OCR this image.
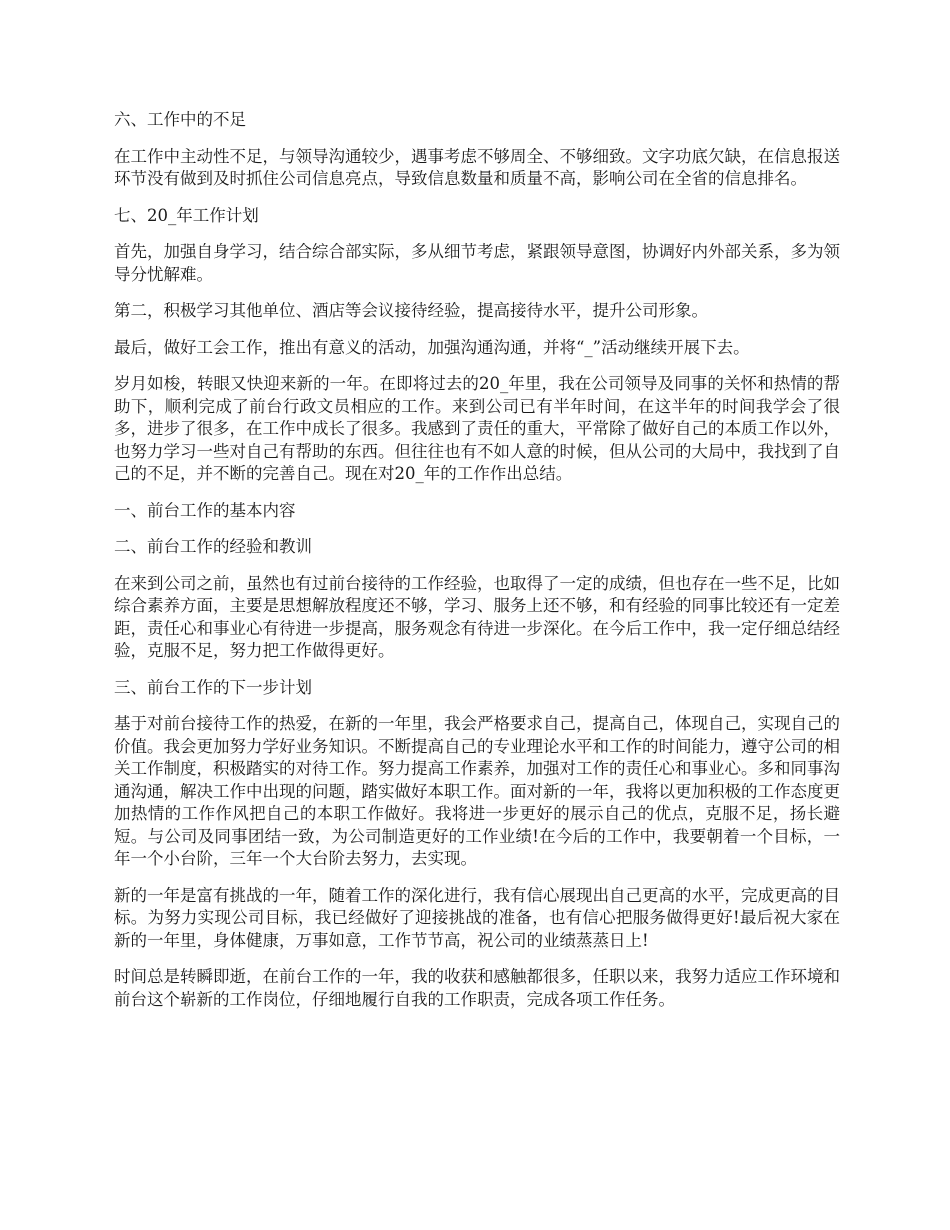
六、工作中的不足
在工作中主动性不足，与领导沟通较少，遇事考虑不够周全、不够细致。文字功底欠缺，在信息报送环节没有做到及时抓住公司信息亮点，导致信息数量和质量不高，影响公司在全省的信息排名。
七、20_年工作计划
首先，加强自身学习，结合综合部实际，多从细节考虑，紧跟领导意图，协调好内外部关系，多为领导分忧解难。
第二，积极学习其他单位、酒店等会议接待经验，提高接待水平，提升公司形象。
最后，做好工会工作，推出有意义的活动，加强沟通沟通，并将“_”活动继续开展下去。
岁月如梭，转眼又快迎来新的一年。在即将过去的20_年里，我在公司领导及同事的关怀和热情的帮助下，顺利完成了前台行政文员相应的工作。来到公司已有半年时间，在这半年的时间我学会了很多，进步了很多，在工作中成长了很多。我感到了责任的重大，平常除了做好自己的本质工作以外，也努力学习一些对自己有帮助的东西。但往往也有不如人意的时候，但从公司的大局中，我找到了自己的不足，并不断的完善自己。现在对20_年的工作作出总结。
一、前台工作的基本内容
二、前台工作的经验和教训
在来到公司之前，虽然也有过前台接待的工作经验，也取得了一定的成绩，但也存在一些不足，比如综合素养方面，主要是思想解放程度还不够，学习、服务上还不够，和有经验的同事比较还有一定差距，责任心和事业心有待进一步提高，服务观念有待进一步深化。在今后工作中，我一定仔细总结经验，克服不足，努力把工作做得更好。
三、前台工作的下一步计划
基于对前台接待工作的热爱，在新的一年里，我会严格要求自己，提高自己，体现自己，实现自己的价值。我会更加努力学好业务知识。不断提高自己的专业理论水平和工作的时间能力，遵守公司的相关工作制度，积极踏实的对待工作。努力提高工作素养，加强对工作的责任心和事业心。多和同事沟通沟通，解决工作中出现的问题，踏实做好本职工作。面对新的一年，我将以更加积极的工作态度更加热情的工作作风把自己的本职工作做好。我将进一步更好的展示自己的优点，克服不足，扬长避短。与公司及同事团结一致，为公司制造更好的工作业绩!在今后的工作中，我要朝着一个目标，一年一个小台阶，三年一个大台阶去努力，去实现。
新的一年是富有挑战的一年，随着工作的深化进行，我有信心展现出自己更高的水平，完成更高的目标。为努力实现公司目标，我已经做好了迎接挑战的准备，也有信心把服务做得更好!最后祝大家在新的一年里，身体健康，万事如意，工作节节高，祝公司的业绩蒸蒸日上!
时间总是转瞬即逝，在前台工作的一年，我的收获和感触都很多，任职以来，我努力适应工作环境和前台这个崭新的工作岗位，仔细地履行自我的工作职责，完成各项工作任务。
